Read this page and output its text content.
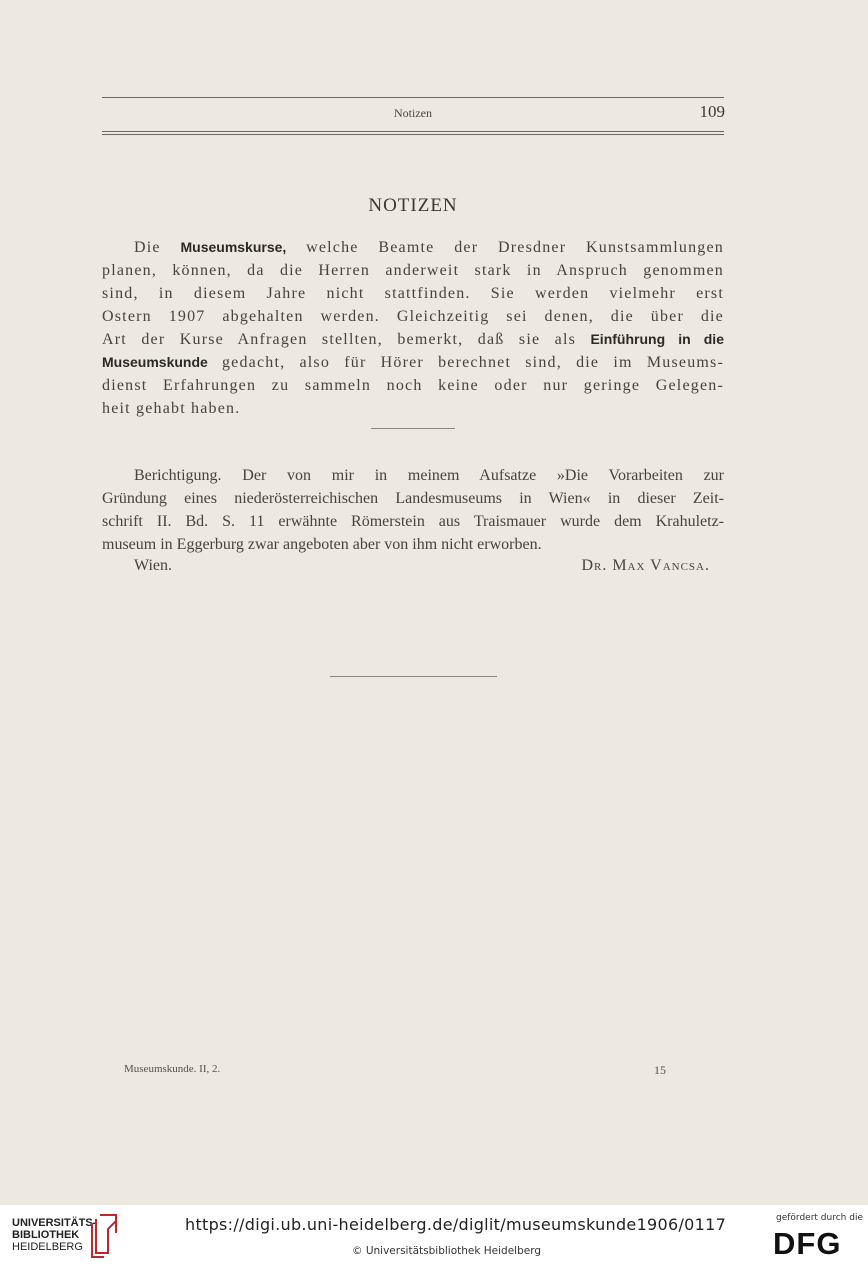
Notizen	109
NOTIZEN
Die Museumskurse, welche Beamte der Dresdner Kunstsammlungen
planen, können, da die Herren anderweit stark in Anspruch genommen
sind, in diesem Jahre nicht stattfinden. Sie werden vielmehr erst
Ostern 1907 abgehalten werden. Gleichzeitig sei denen, die über die
Art der Kurse Anfragen stellten, bemerkt, daß sie als Einführung in die
Museumskunde gedacht, also für Hörer berechnet sind, die im Museums-
dienst Erfahrungen zu sammeln noch keine oder nur geringe Gelegen-
heit gehabt haben.
Berichtigung. Der von mir in meinem Aufsatze »Die Vorarbeiten zur
Gründung eines niederösterreichischen Landesmuseums in Wien« in dieser Zeit-
schrift II. Bd. S. 11 erwähnte Römerstein aus Traismauer wurde dem Krahuletz-
museum in Eggerburg zwar angeboten aber von ihm nicht erworben.
Wien.	Dr. Max Vancsa.
Museumskunde. II, 2.	15
UNIVERSITÄTS-
BIBLIOTHEK
HEIDELBERG
https://digi.ub.uni-heidelberg.de/diglit/museumskunde1906/0117
© Universitätsbibliothek Heidelberg
gefördert durch die
DFG
